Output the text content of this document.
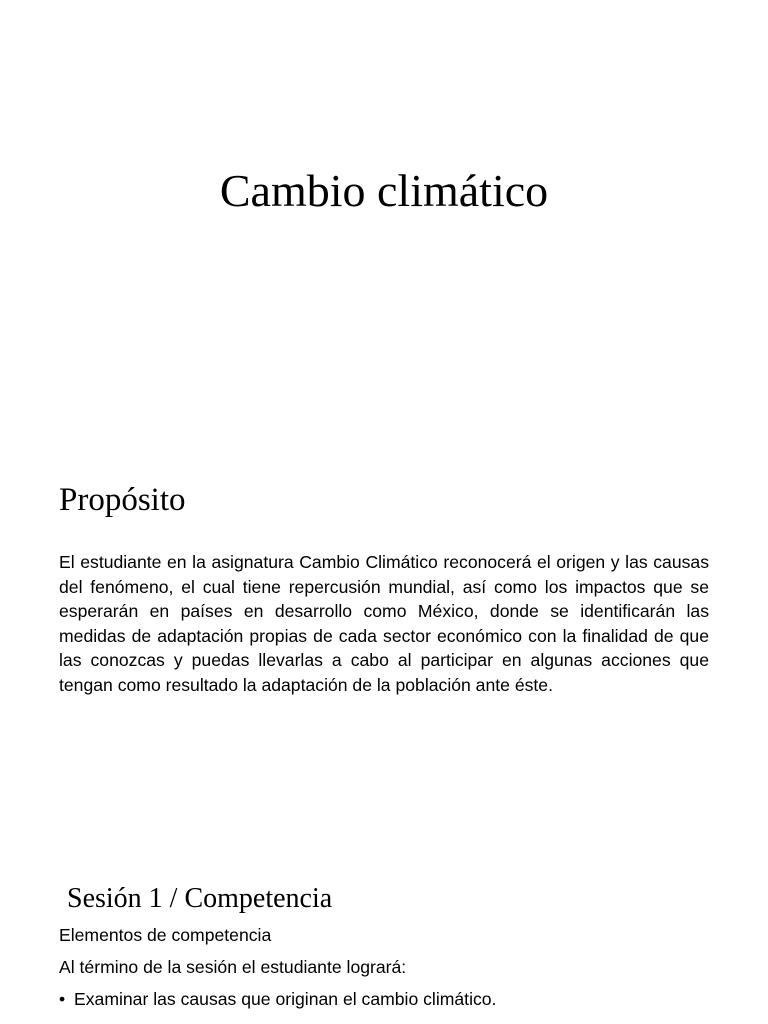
Cambio climático
Propósito

El estudiante en la asignatura Cambio Climático reconocerá el origen y las causas del fenómeno, el cual tiene repercusión mundial, así como los impactos que se esperarán en países en desarrollo como México, donde se identificarán las medidas de adaptación propias de cada sector económico con la finalidad de que las conozcas y puedas llevarlas a cabo al participar en algunas acciones que tengan como resultado la adaptación de la población ante éste.

Sesión 1 / Competencia

Elementos de competencia

Al término de la sesión el estudiante logrará:

• Examinar las causas que originan el cambio climático.
